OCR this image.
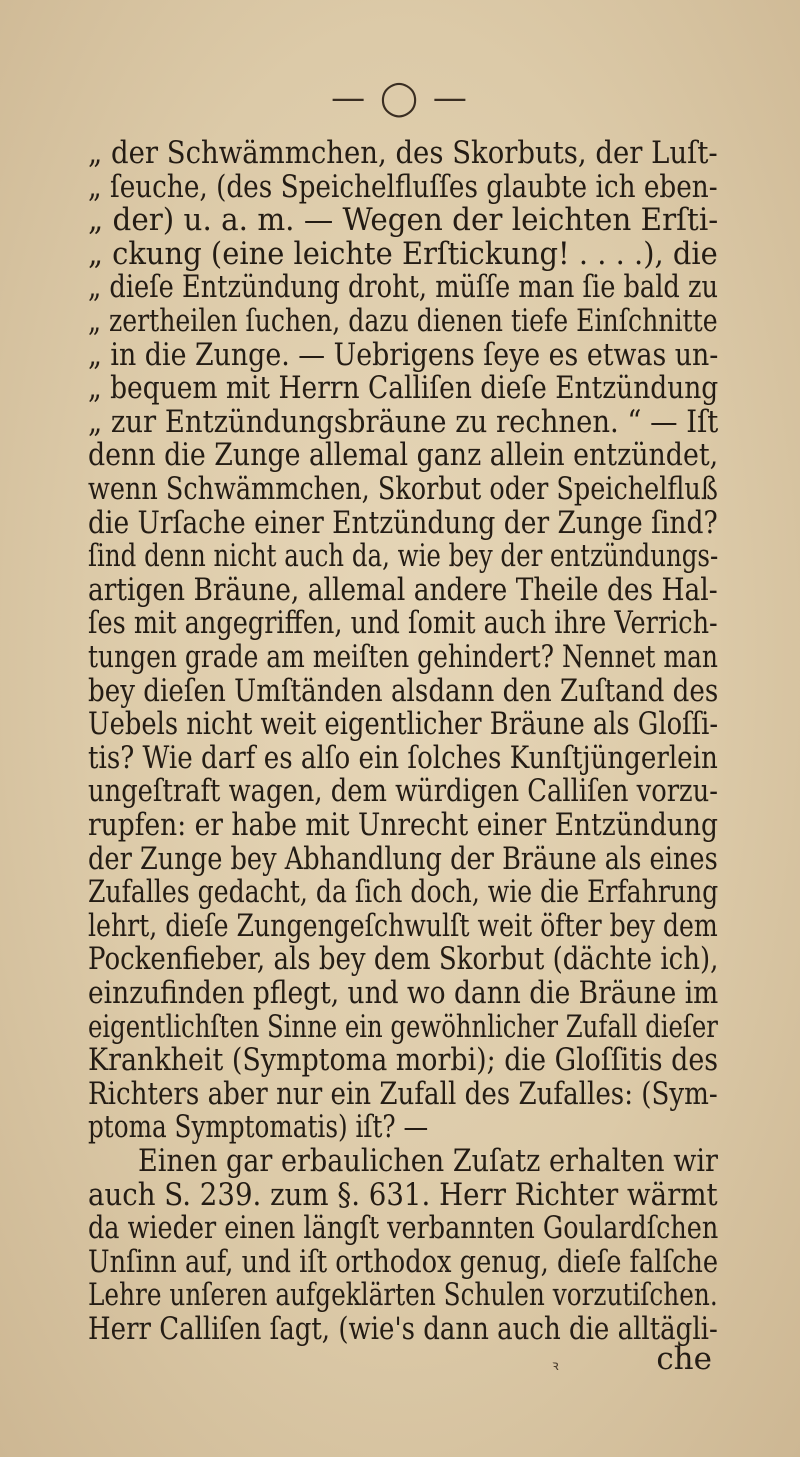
— ◯ —
„ der Schwämmchen, des Skorbuts, der Luſt-
„ ſeuche, (des Speichelfluſſes glaubte ich eben-
„ der) u. a. m. — Wegen der leichten Erſti-
„ ckung (eine leichte Erſtickung! . . . .), die
„ dieſe Entzündung droht, müſſe man ſie bald zu
„ zertheilen ſuchen, dazu dienen tiefe Einſchnitte
„ in die Zunge. — Uebrigens ſeye es etwas un-
„ bequem mit Herrn Calliſen dieſe Entzündung
„ zur Entzündungsbräune zu rechnen. “ — Iſt
denn die Zunge allemal ganz allein entzündet,
wenn Schwämmchen, Skorbut oder Speichelfluß
die Urſache einer Entzündung der Zunge ſind?
ſind denn nicht auch da, wie bey der entzündungs-
artigen Bräune, allemal andere Theile des Hal-
ſes mit angegriffen, und ſomit auch ihre Verrich-
tungen grade am meiſten gehindert? Nennet man
bey dieſen Umſtänden alsdann den Zuſtand des
Uebels nicht weit eigentlicher Bräune als Gloſſi-
tis? Wie darf es alſo ein ſolches Kunſtjüngerlein
ungeſtraft wagen, dem würdigen Calliſen vorzu-
rupfen: er habe mit Unrecht einer Entzündung
der Zunge bey Abhandlung der Bräune als eines
Zufalles gedacht, da ſich doch, wie die Erfahrung
lehrt, dieſe Zungengeſchwulſt weit öfter bey dem
Pockenfieber, als bey dem Skorbut (dächte ich),
einzufinden pflegt, und wo dann die Bräune im
eigentlichſten Sinne ein gewöhnlicher Zufall dieſer
Krankheit (Symptoma morbi); die Gloſſitis des
Richters aber nur ein Zufall des Zufalles: (Sym-
ptoma Symptomatis) iſt? —
Einen gar erbaulichen Zuſatz erhalten wir
auch S. 239. zum §. 631. Herr Richter wärmt
da wieder einen längſt verbannten Goulardſchen
Unſinn auf, und iſt orthodox genug, dieſe falſche
Lehre unſeren aufgeklärten Schulen vorzutiſchen.
Herr Calliſen ſagt, (wie's dann auch die alltägli-
ꝛ	che
